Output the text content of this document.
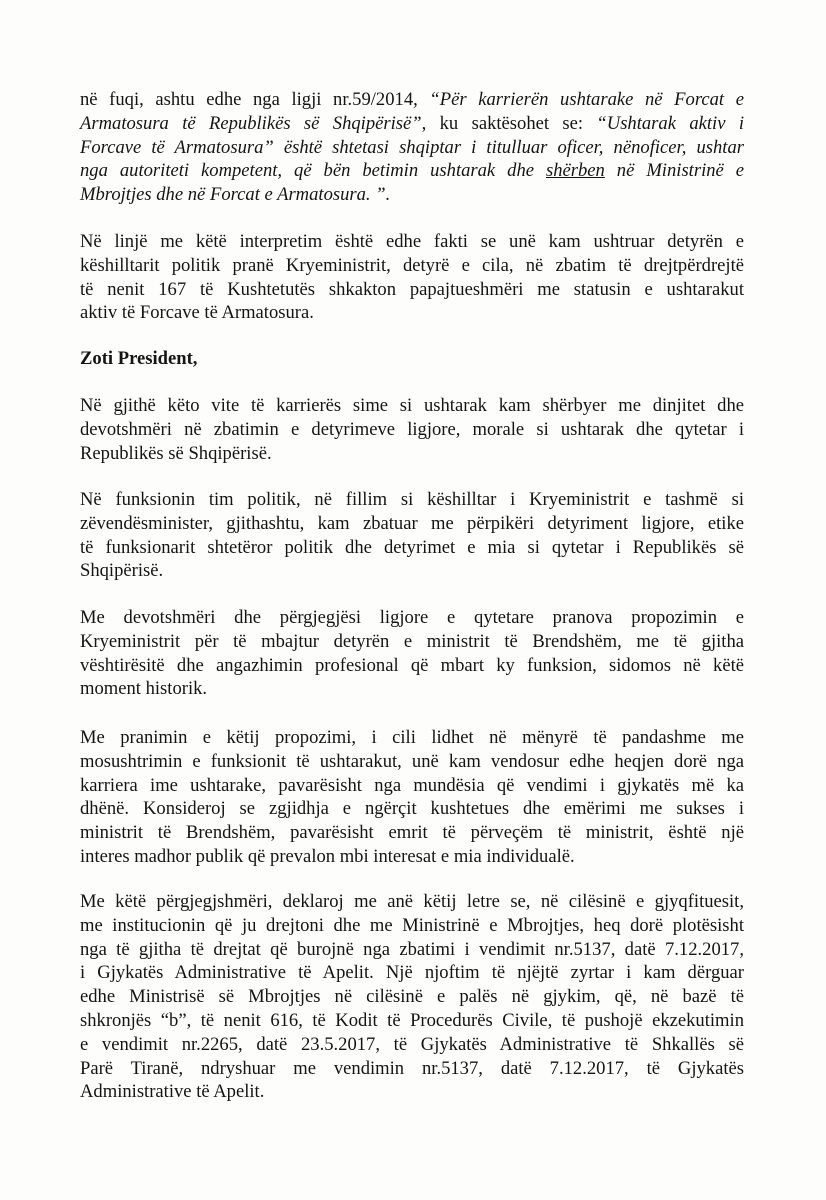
në fuqi, ashtu edhe nga ligji nr.59/2014, “Për karrierën ushtarake në Forcat e
Armatosura të Republikës së Shqipërisë”, ku saktësohet se: “Ushtarak aktiv i
Forcave të Armatosura” është shtetasi shqiptar i titulluar oficer, nënoficer, ushtar
nga autoriteti kompetent, që bën betimin ushtarak dhe shërben në Ministrinë e
Mbrojtjes dhe në Forcat e Armatosura. ”.
Në linjë me këtë interpretim është edhe fakti se unë kam ushtruar detyrën e
këshilltarit politik pranë Kryeministrit, detyrë e cila, në zbatim të drejtpërdrejtë
të nenit 167 të Kushtetutës shkakton papajtueshmëri me statusin e ushtarakut
aktiv të Forcave të Armatosura.
Zoti President,
Në gjithë këto vite të karrierës sime si ushtarak kam shërbyer me dinjitet dhe
devotshmëri në zbatimin e detyrimeve ligjore, morale si ushtarak dhe qytetar i
Republikës së Shqipërisë.
Në funksionin tim politik, në fillim si këshilltar i Kryeministrit e tashmë si
zëvendësminister, gjithashtu, kam zbatuar me përpikëri detyriment ligjore, etike
të funksionarit shtetëror politik dhe detyrimet e mia si qytetar i Republikës së
Shqipërisë.
Me devotshmëri dhe përgjegjësi ligjore e qytetare pranova propozimin e
Kryeministrit për të mbajtur detyrën e ministrit të Brendshëm, me të gjitha
vështirësitë dhe angazhimin profesional që mbart ky funksion, sidomos në këtë
moment historik.
Me pranimin e këtij propozimi, i cili lidhet në mënyrë të pandashme me
mosushtrimin e funksionit të ushtarakut, unë kam vendosur edhe heqjen dorë nga
karriera ime ushtarake, pavarësisht nga mundësia që vendimi i gjykatës më ka
dhënë. Konsideroj se zgjidhja e ngërçit kushtetues dhe emërimi me sukses i
ministrit të Brendshëm, pavarësisht emrit të përveçëm të ministrit, është një
interes madhor publik që prevalon mbi interesat e mia individualë.
Me këtë përgjegjshmëri, deklaroj me anë këtij letre se, në cilësinë e gjyqfituesit,
me institucionin që ju drejtoni dhe me Ministrinë e Mbrojtjes, heq dorë plotësisht
nga të gjitha të drejtat që burojnë nga zbatimi i vendimit nr.5137, datë 7.12.2017,
i Gjykatës Administrative të Apelit. Një njoftim të njëjtë zyrtar i kam dërguar
edhe Ministrisë së Mbrojtjes në cilësinë e palës në gjykim, që, në bazë të
shkronjës “b”, të nenit 616, të Kodit të Procedurës Civile, të pushojë ekzekutimin
e vendimit nr.2265, datë 23.5.2017, të Gjykatës Administrative të Shkallës së
Parë Tiranë, ndryshuar me vendimin nr.5137, datë 7.12.2017, të Gjykatës
Administrative të Apelit.
